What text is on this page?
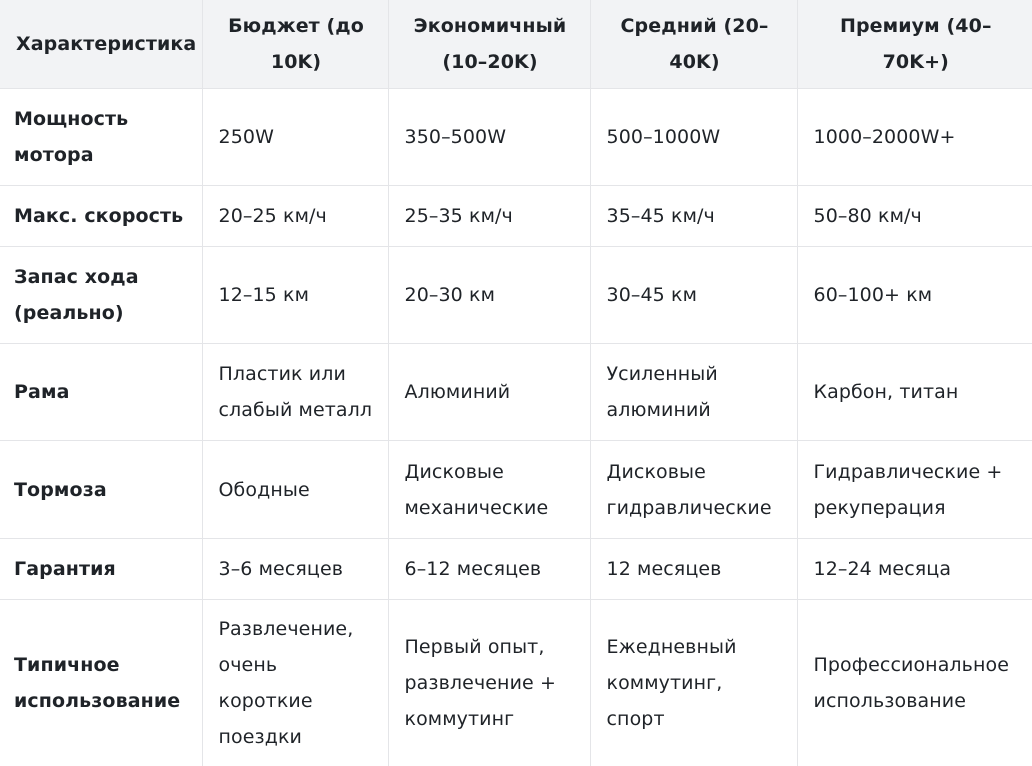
Характеристика	Бюджет (до 10K)	Экономичный (10–20K)	Средний (20–40K)	Премиум (40–70K+)
Мощность мотора	250W	350–500W	500–1000W	1000–2000W+
Макс. скорость	20–25 км/ч	25–35 км/ч	35–45 км/ч	50–80 км/ч
Запас хода (реально)	12–15 км	20–30 км	30–45 км	60–100+ км
Рама	Пластик или слабый металл	Алюминий	Усиленный алюминий	Карбон, титан
Тормоза	Ободные	Дисковые механические	Дисковые гидравлические	Гидравлические + рекуперация
Гарантия	3–6 месяцев	6–12 месяцев	12 месяцев	12–24 месяца
Типичное использование	Развлечение, очень короткие поездки	Первый опыт, развлечение + коммутинг	Ежедневный коммутинг, спорт	Профессиональное использование
